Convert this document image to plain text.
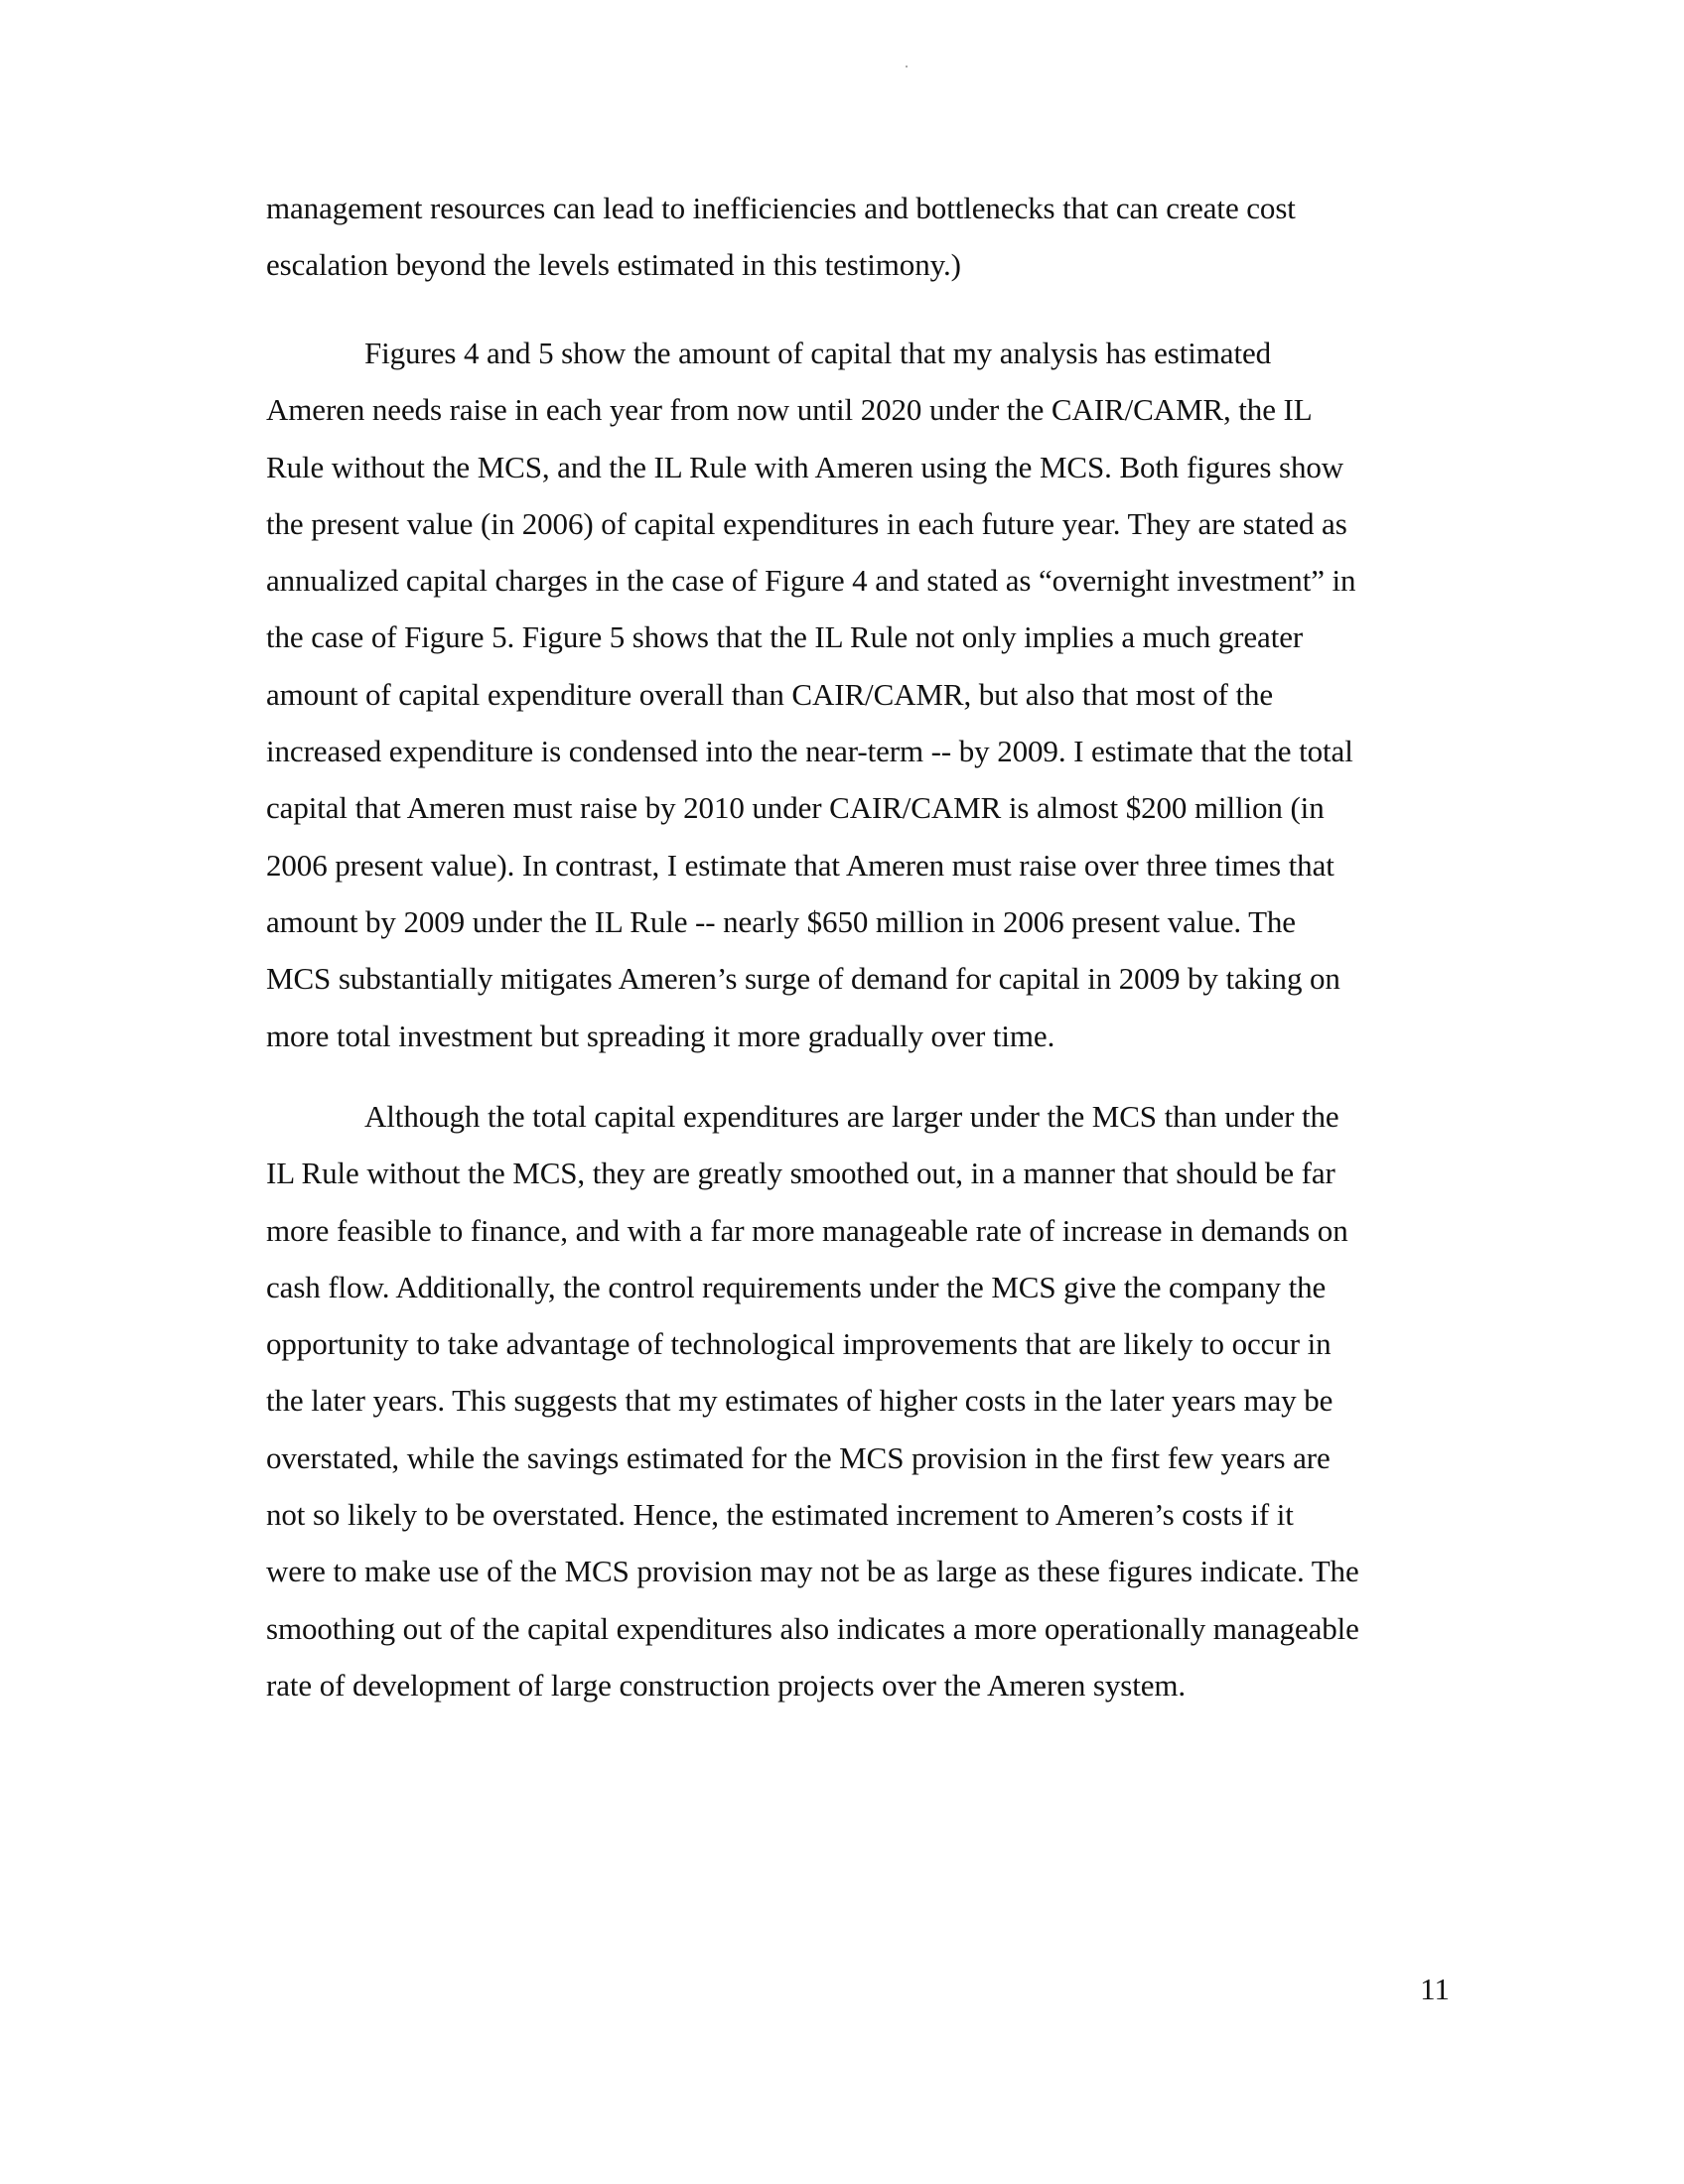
management resources can lead to inefficiencies and bottlenecks that can create cost
escalation beyond the levels estimated in this testimony.)

Figures 4 and 5 show the amount of capital that my analysis has estimated
Ameren needs raise in each year from now until 2020 under the CAIR/CAMR, the IL
Rule without the MCS, and the IL Rule with Ameren using the MCS. Both figures show
the present value (in 2006) of capital expenditures in each future year. They are stated as
annualized capital charges in the case of Figure 4 and stated as “overnight investment” in
the case of Figure 5. Figure 5 shows that the IL Rule not only implies a much greater
amount of capital expenditure overall than CAIR/CAMR, but also that most of the
increased expenditure is condensed into the near-term -- by 2009. I estimate that the total
capital that Ameren must raise by 2010 under CAIR/CAMR is almost $200 million (in
2006 present value). In contrast, I estimate that Ameren must raise over three times that
amount by 2009 under the IL Rule -- nearly $650 million in 2006 present value. The
MCS substantially mitigates Ameren’s surge of demand for capital in 2009 by taking on
more total investment but spreading it more gradually over time.

Although the total capital expenditures are larger under the MCS than under the
IL Rule without the MCS, they are greatly smoothed out, in a manner that should be far
more feasible to finance, and with a far more manageable rate of increase in demands on
cash flow. Additionally, the control requirements under the MCS give the company the
opportunity to take advantage of technological improvements that are likely to occur in
the later years. This suggests that my estimates of higher costs in the later years may be
overstated, while the savings estimated for the MCS provision in the first few years are
not so likely to be overstated. Hence, the estimated increment to Ameren’s costs if it
were to make use of the MCS provision may not be as large as these figures indicate. The
smoothing out of the capital expenditures also indicates a more operationally manageable
rate of development of large construction projects over the Ameren system.

11
